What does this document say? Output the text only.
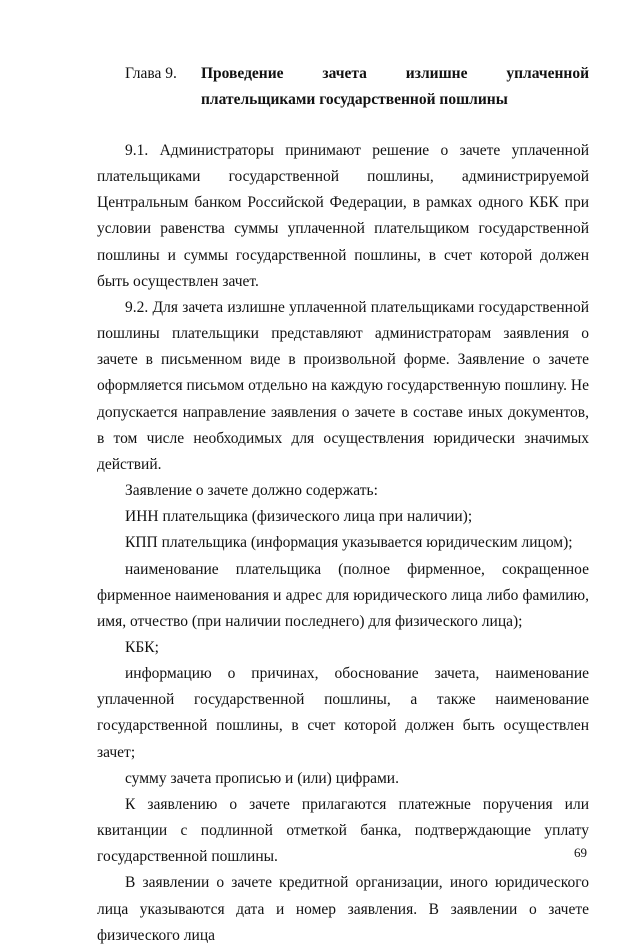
Глава 9.	Проведение зачета излишне уплаченной
плательщиками государственной пошлины

9.1. Администраторы принимают решение о зачете уплаченной плательщиками государственной пошлины, администрируемой Центральным банком Российской Федерации, в рамках одного КБК при условии равенства суммы уплаченной плательщиком государственной пошлины и суммы государственной пошлины, в счет которой должен быть осуществлен зачет.

9.2. Для зачета излишне уплаченной плательщиками государственной пошлины плательщики представляют администраторам заявления о зачете в письменном виде в произвольной форме. Заявление о зачете оформляется письмом отдельно на каждую государственную пошлину. Не допускается направление заявления о зачете в составе иных документов, в том числе необходимых для осуществления юридически значимых действий.

Заявление о зачете должно содержать:

ИНН плательщика (физического лица при наличии);

КПП плательщика (информация указывается юридическим лицом);

наименование плательщика (полное фирменное, сокращенное фирменное наименования и адрес для юридического лица либо фамилию, имя, отчество (при наличии последнего) для физического лица);

КБК;

информацию о причинах, обоснование зачета, наименование уплаченной государственной пошлины, а также наименование государственной пошлины, в счет которой должен быть осуществлен зачет;

сумму зачета прописью и (или) цифрами.

К заявлению о зачете прилагаются платежные поручения или квитанции с подлинной отметкой банка, подтверждающие уплату государственной пошлины.

В заявлении о зачете кредитной организации, иного юридического лица указываются дата и номер заявления. В заявлении о зачете физического лица

69
